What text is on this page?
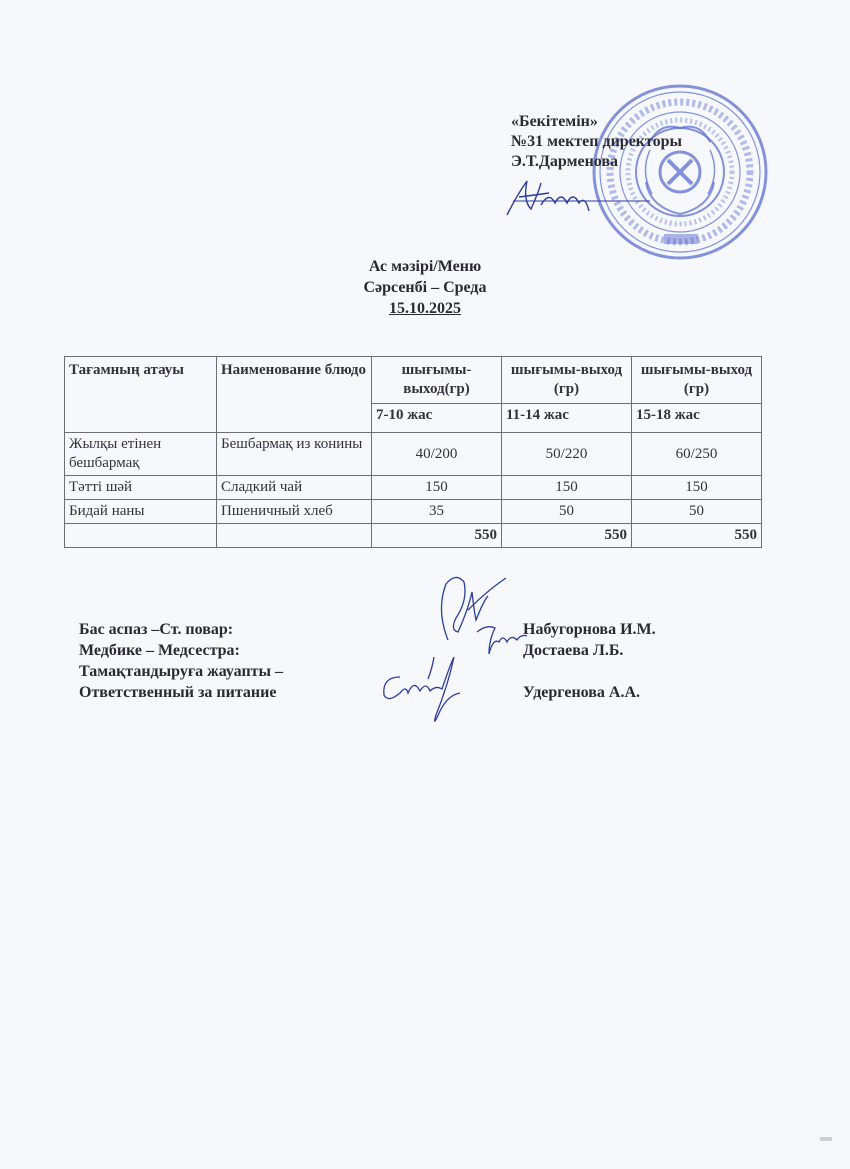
«Бекітемін»
№31 мектеп директоры
Э.Т.Дарменова
Ас мәзірі/Меню
Сәрсенбі – Среда
15.10.2025
Тағамның атауы	Наименование блюдо	шығымы-выход(гр)	шығымы-выход (гр)	шығымы-выход (гр)
		7-10 жас	11-14 жас	15-18 жас
Жылқы етінен бешбармақ	Бешбармақ из конины	40/200	50/220	60/250
Тәтті шәй	Сладкий чай	150	150	150
Бидай наны	Пшеничный хлеб	35	50	50
		550	550	550
Бас аспаз –Ст. повар:
Медбике – Медсестра:
Тамақтандыруға жауапты –
Ответственный за питание
Набугорнова И.М.
Достаева Л.Б.
Удергенова А.А.
